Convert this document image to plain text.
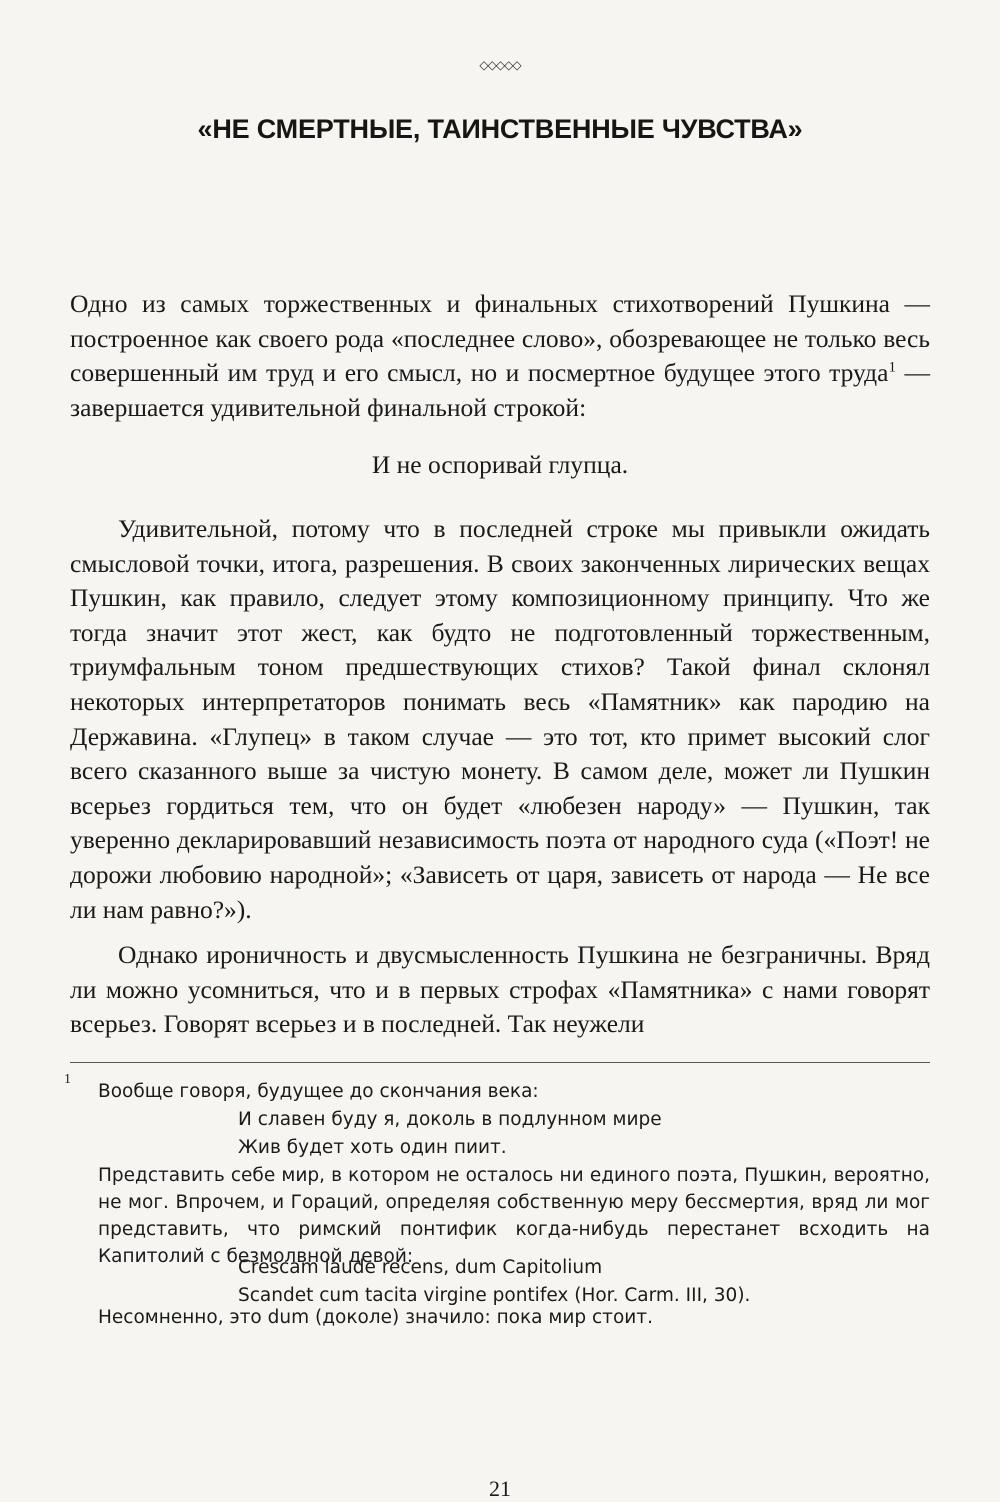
◇◇◇◇◇
«НЕ СМЕРТНЫЕ, ТАИНСТВЕННЫЕ ЧУВСТВА»
Одно из самых торжественных и финальных стихотворений Пушкина — построенное как своего рода «последнее слово», обозревающее не только весь совершенный им труд и его смысл, но и посмертное будущее этого труда$^1$ — завершается удивительной финальной строкой:
И не оспоривай глупца.
Удивительной, потому что в последней строке мы привыкли ожидать смысловой точки, итога, разрешения. В своих законченных лирических вещах Пушкин, как правило, следует этому композиционному принципу. Что же тогда значит этот жест, как будто не подготовленный торжественным, триумфальным тоном предшествующих стихов? Такой финал склонял некоторых интерпретаторов понимать весь «Памятник» как пародию на Державина. «Глупец» в таком случае — это тот, кто примет высокий слог всего сказанного выше за чистую монету. В самом деле, может ли Пушкин всерьез гордиться тем, что он будет «любезен народу» — Пушкин, так уверенно декларировавший независимость поэта от народного суда («Поэт! не дорожи любовию народной»; «Зависеть от царя, зависеть от народа — Не все ли нам равно?»).
Однако ироничность и двусмысленность Пушкина не безграничны. Вряд ли можно усомниться, что и в первых строфах «Памятника» с нами говорят всерьез. Говорят всерьез и в последней. Так неужели
1
Вообще говоря, будущее до скончания века:
И славен буду я, доколь в подлунном мире
Жив будет хоть один пиит.
Представить себе мир, в котором не осталось ни единого поэта, Пушкин, вероятно, не мог. Впрочем, и Гораций, определяя собственную меру бессмертия, вряд ли мог представить, что римский понтифик когда-нибудь перестанет всходить на Капитолий с безмолвной девой:
Crescam laude recens, dum Capitolium
Scandet cum tacita virgine pontifex (Hor. Carm. III, 30).
Несомненно, это dum (доколе) значило: пока мир стоит.
21
